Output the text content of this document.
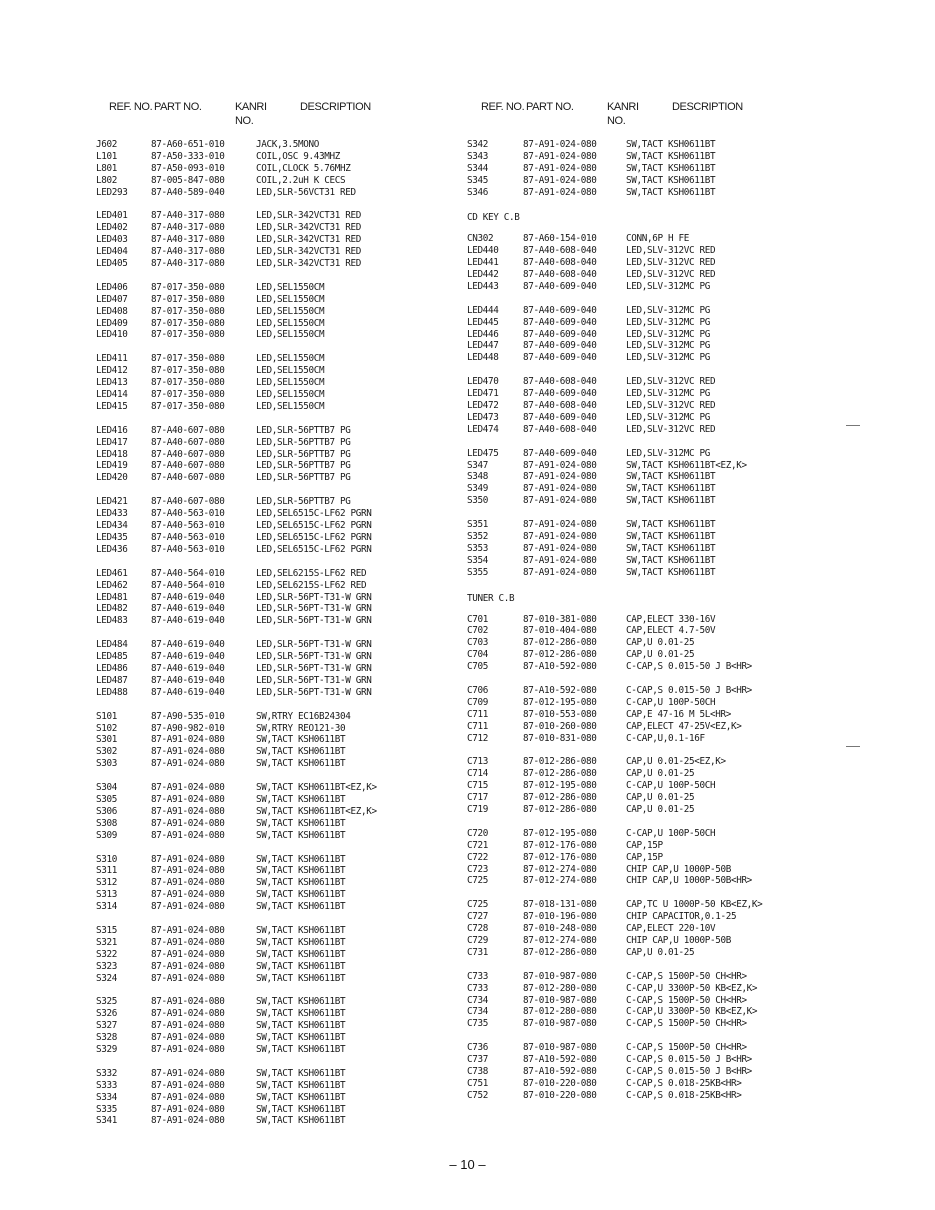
REF. NO. PART NO.	KANRI
NO.
DESCRIPTION	REF. NO. PART NO.	KANRI
NO.
DESCRIPTION
J602	87-A60-651-010	JACK,3.5MONO
L101	87-A50-333-010	COIL,OSC 9.43MHZ
L801	87-A50-093-010	COIL,CLOCK 5.76MHZ
L802	87-005-847-080	COIL,2.2uH K CECS
LED293	87-A40-589-040	LED,SLR-56VCT31 RED
LED401	87-A40-317-080	LED,SLR-342VCT31 RED
LED402	87-A40-317-080	LED,SLR-342VCT31 RED
LED403	87-A40-317-080	LED,SLR-342VCT31 RED
LED404	87-A40-317-080	LED,SLR-342VCT31 RED
LED405	87-A40-317-080	LED,SLR-342VCT31 RED
LED406	87-017-350-080	LED,SEL1550CM
LED407	87-017-350-080	LED,SEL1550CM
LED408	87-017-350-080	LED,SEL1550CM
LED409	87-017-350-080	LED,SEL1550CM
LED410	87-017-350-080	LED,SEL1550CM
LED411	87-017-350-080	LED,SEL1550CM
LED412	87-017-350-080	LED,SEL1550CM
LED413	87-017-350-080	LED,SEL1550CM
LED414	87-017-350-080	LED,SEL1550CM
LED415	87-017-350-080	LED,SEL1550CM
LED416	87-A40-607-080	LED,SLR-56PTTB7 PG
LED417	87-A40-607-080	LED,SLR-56PTTB7 PG
LED418	87-A40-607-080	LED,SLR-56PTTB7 PG
LED419	87-A40-607-080	LED,SLR-56PTTB7 PG
LED420	87-A40-607-080	LED,SLR-56PTTB7 PG
LED421	87-A40-607-080	LED,SLR-56PTTB7 PG
LED433	87-A40-563-010	LED,SEL6515C-LF62 PGRN
LED434	87-A40-563-010	LED,SEL6515C-LF62 PGRN
LED435	87-A40-563-010	LED,SEL6515C-LF62 PGRN
LED436	87-A40-563-010	LED,SEL6515C-LF62 PGRN
LED461	87-A40-564-010	LED,SEL6215S-LF62 RED
LED462	87-A40-564-010	LED,SEL6215S-LF62 RED
LED481	87-A40-619-040	LED,SLR-56PT-T31-W GRN
LED482	87-A40-619-040	LED,SLR-56PT-T31-W GRN
LED483	87-A40-619-040	LED,SLR-56PT-T31-W GRN
LED484	87-A40-619-040	LED,SLR-56PT-T31-W GRN
LED485	87-A40-619-040	LED,SLR-56PT-T31-W GRN
LED486	87-A40-619-040	LED,SLR-56PT-T31-W GRN
LED487	87-A40-619-040	LED,SLR-56PT-T31-W GRN
LED488	87-A40-619-040	LED,SLR-56PT-T31-W GRN
S101	87-A90-535-010	SW,RTRY EC16B24304
S102	87-A90-982-010	SW,RTRY REO121-30
S301	87-A91-024-080	SW,TACT KSH0611BT
S302	87-A91-024-080	SW,TACT KSH0611BT
S303	87-A91-024-080	SW,TACT KSH0611BT
S304	87-A91-024-080	SW,TACT KSH0611BT<EZ,K>
S305	87-A91-024-080	SW,TACT KSH0611BT
S306	87-A91-024-080	SW,TACT KSH0611BT<EZ,K>
S308	87-A91-024-080	SW,TACT KSH0611BT
S309	87-A91-024-080	SW,TACT KSH0611BT
S310	87-A91-024-080	SW,TACT KSH0611BT
S311	87-A91-024-080	SW,TACT KSH0611BT
S312	87-A91-024-080	SW,TACT KSH0611BT
S313	87-A91-024-080	SW,TACT KSH0611BT
S314	87-A91-024-080	SW,TACT KSH0611BT
S315	87-A91-024-080	SW,TACT KSH0611BT
S321	87-A91-024-080	SW,TACT KSH0611BT
S322	87-A91-024-080	SW,TACT KSH0611BT
S323	87-A91-024-080	SW,TACT KSH0611BT
S324	87-A91-024-080	SW,TACT KSH0611BT
S325	87-A91-024-080	SW,TACT KSH0611BT
S326	87-A91-024-080	SW,TACT KSH0611BT
S327	87-A91-024-080	SW,TACT KSH0611BT
S328	87-A91-024-080	SW,TACT KSH0611BT
S329	87-A91-024-080	SW,TACT KSH0611BT
S332	87-A91-024-080	SW,TACT KSH0611BT
S333	87-A91-024-080	SW,TACT KSH0611BT
S334	87-A91-024-080	SW,TACT KSH0611BT
S335	87-A91-024-080	SW,TACT KSH0611BT
S341	87-A91-024-080	SW,TACT KSH0611BT
S342	87-A91-024-080	SW,TACT KSH0611BT
S343	87-A91-024-080	SW,TACT KSH0611BT
S344	87-A91-024-080	SW,TACT KSH0611BT
S345	87-A91-024-080	SW,TACT KSH0611BT
S346	87-A91-024-080	SW,TACT KSH0611BT
CD KEY C.B
CN302	87-A60-154-010	CONN,6P H FE
LED440	87-A40-608-040	LED,SLV-312VC RED
LED441	87-A40-608-040	LED,SLV-312VC RED
LED442	87-A40-608-040	LED,SLV-312VC RED
LED443	87-A40-609-040	LED,SLV-312MC PG
LED444	87-A40-609-040	LED,SLV-312MC PG
LED445	87-A40-609-040	LED,SLV-312MC PG
LED446	87-A40-609-040	LED,SLV-312MC PG
LED447	87-A40-609-040	LED,SLV-312MC PG
LED448	87-A40-609-040	LED,SLV-312MC PG
LED470	87-A40-608-040	LED,SLV-312VC RED
LED471	87-A40-609-040	LED,SLV-312MC PG
LED472	87-A40-608-040	LED,SLV-312VC RED
LED473	87-A40-609-040	LED,SLV-312MC PG
LED474	87-A40-608-040	LED,SLV-312VC RED
LED475	87-A40-609-040	LED,SLV-312MC PG
S347	87-A91-024-080	SW,TACT KSH0611BT<EZ,K>
S348	87-A91-024-080	SW,TACT KSH0611BT
S349	87-A91-024-080	SW,TACT KSH0611BT
S350	87-A91-024-080	SW,TACT KSH0611BT
S351	87-A91-024-080	SW,TACT KSH0611BT
S352	87-A91-024-080	SW,TACT KSH0611BT
S353	87-A91-024-080	SW,TACT KSH0611BT
S354	87-A91-024-080	SW,TACT KSH0611BT
S355	87-A91-024-080	SW,TACT KSH0611BT
TUNER C.B
C701	87-010-381-080	CAP,ELECT 330-16V
C702	87-010-404-080	CAP,ELECT 4.7-50V
C703	87-012-286-080	CAP,U 0.01-25
C704	87-012-286-080	CAP,U 0.01-25
C705	87-A10-592-080	C-CAP,S 0.015-50 J B<HR>
C706	87-A10-592-080	C-CAP,S 0.015-50 J B<HR>
C709	87-012-195-080	C-CAP,U 100P-50CH
C711	87-010-553-080	CAP,E 47-16 M 5L<HR>
C711	87-010-260-080	CAP,ELECT 47-25V<EZ,K>
C712	87-010-831-080	C-CAP,U,0.1-16F
C713	87-012-286-080	CAP,U 0.01-25<EZ,K>
C714	87-012-286-080	CAP,U 0.01-25
C715	87-012-195-080	C-CAP,U 100P-50CH
C717	87-012-286-080	CAP,U 0.01-25
C719	87-012-286-080	CAP,U 0.01-25
C720	87-012-195-080	C-CAP,U 100P-50CH
C721	87-012-176-080	CAP,15P
C722	87-012-176-080	CAP,15P
C723	87-012-274-080	CHIP CAP,U 1000P-50B
C725	87-012-274-080	CHIP CAP,U 1000P-50B<HR>
C725	87-018-131-080	CAP,TC U 1000P-50 KB<EZ,K>
C727	87-010-196-080	CHIP CAPACITOR,0.1-25
C728	87-010-248-080	CAP,ELECT 220-10V
C729	87-012-274-080	CHIP CAP,U 1000P-50B
C731	87-012-286-080	CAP,U 0.01-25
C733	87-010-987-080	C-CAP,S 1500P-50 CH<HR>
C733	87-012-280-080	C-CAP,U 3300P-50 KB<EZ,K>
C734	87-010-987-080	C-CAP,S 1500P-50 CH<HR>
C734	87-012-280-080	C-CAP,U 3300P-50 KB<EZ,K>
C735	87-010-987-080	C-CAP,S 1500P-50 CH<HR>
C736	87-010-987-080	C-CAP,S 1500P-50 CH<HR>
C737	87-A10-592-080	C-CAP,S 0.015-50 J B<HR>
C738	87-A10-592-080	C-CAP,S 0.015-50 J B<HR>
C751	87-010-220-080	C-CAP,S 0.018-25KB<HR>
C752	87-010-220-080	C-CAP,S 0.018-25KB<HR>
– 10 –
